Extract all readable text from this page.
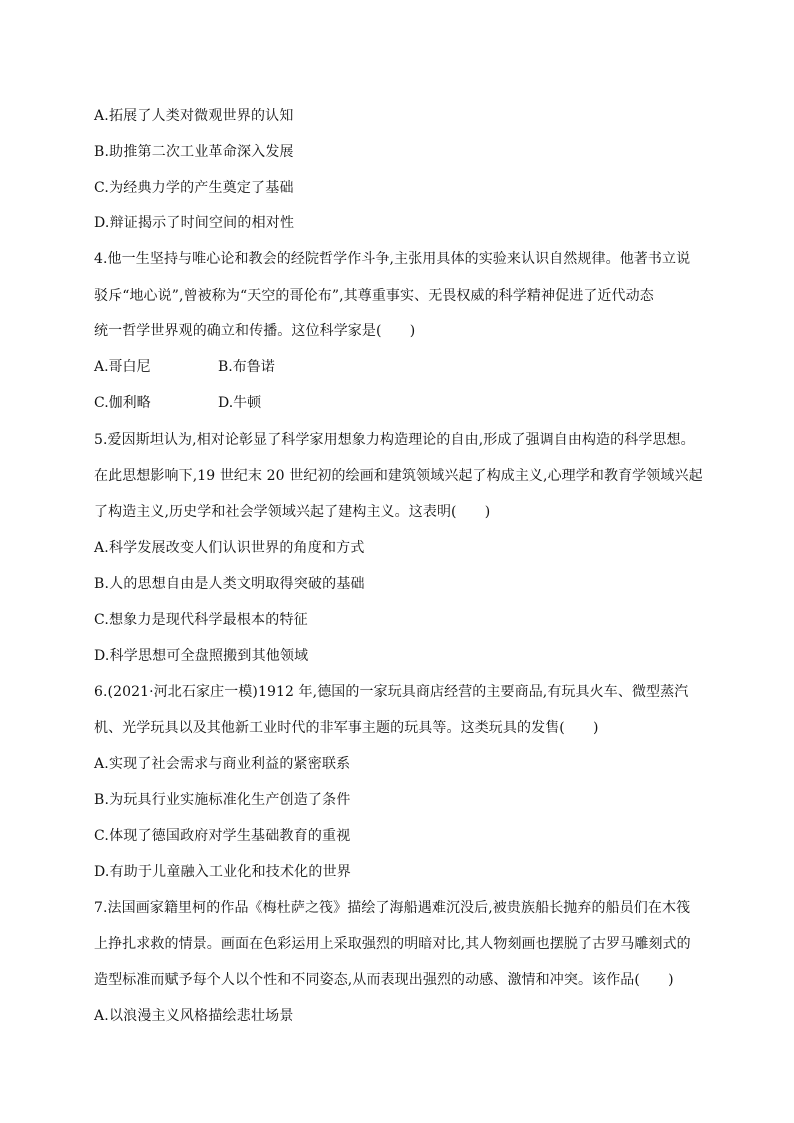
A.拓展了人类对微观世界的认知
B.助推第二次工业革命深入发展
C.为经典力学的产生奠定了基础
D.辩证揭示了时间空间的相对性
4.他一生坚持与唯心论和教会的经院哲学作斗争,主张用具体的实验来认识自然规律。他著书立说
驳斥“地心说”,曾被称为“天空的哥伦布”,其尊重事实、无畏权威的科学精神促进了近代动态
统一哲学世界观的确立和传播。这位科学家是(　　)
A.哥白尼	B.布鲁诺
C.伽利略	D.牛顿
5.爱因斯坦认为,相对论彰显了科学家用想象力构造理论的自由,形成了强调自由构造的科学思想。
在此思想影响下,19 世纪末 20 世纪初的绘画和建筑领域兴起了构成主义,心理学和教育学领域兴起
了构造主义,历史学和社会学领域兴起了建构主义。这表明(　　)
A.科学发展改变人们认识世界的角度和方式
B.人的思想自由是人类文明取得突破的基础
C.想象力是现代科学最根本的特征
D.科学思想可全盘照搬到其他领域
6.(2021·河北石家庄一模)1912 年,德国的一家玩具商店经营的主要商品,有玩具火车、微型蒸汽
机、光学玩具以及其他新工业时代的非军事主题的玩具等。这类玩具的发售(　　)
A.实现了社会需求与商业利益的紧密联系
B.为玩具行业实施标准化生产创造了条件
C.体现了德国政府对学生基础教育的重视
D.有助于儿童融入工业化和技术化的世界
7.法国画家籍里柯的作品《梅杜萨之筏》描绘了海船遇难沉没后,被贵族船长抛弃的船员们在木筏
上挣扎求救的情景。画面在色彩运用上采取强烈的明暗对比,其人物刻画也摆脱了古罗马雕刻式的
造型标准而赋予每个人以个性和不同姿态,从而表现出强烈的动感、激情和冲突。该作品(　　)
A.以浪漫主义风格描绘悲壮场景
